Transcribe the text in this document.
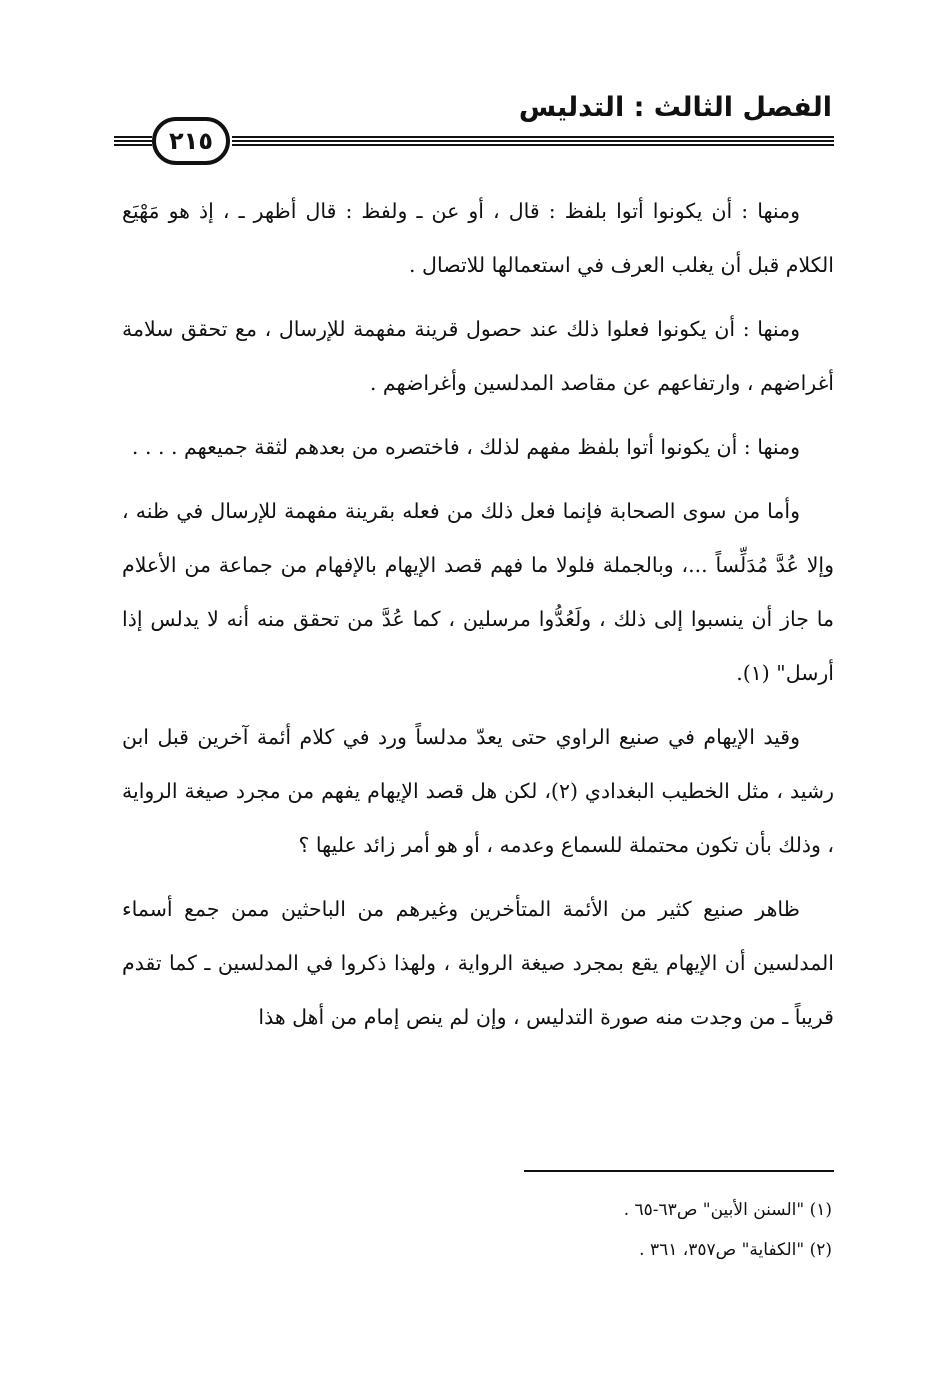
الفصل الثالث : التدليس
٢١٥

ومنها : أن يكونوا أتوا بلفظ : قال ، أو عن ـ ولفظ : قال أظهر ـ ، إذ هو مَهْيَع الكلام قبل أن يغلب العرف في استعمالها للاتصال .

ومنها : أن يكونوا فعلوا ذلك عند حصول قرينة مفهمة للإرسال ، مع تحقق سلامة أغراضهم ، وارتفاعهم عن مقاصد المدلسين وأغراضهم .

ومنها : أن يكونوا أتوا بلفظ مفهم لذلك ، فاختصره من بعدهم لثقة جميعهم . . . .

وأما من سوى الصحابة فإنما فعل ذلك من فعله بقرينة مفهمة للإرسال في ظنه ، وإلا عُدَّ مُدَلِّساً ...، وبالجملة فلولا ما فهم قصد الإيهام بالإفهام من جماعة من الأعلام ما جاز أن ينسبوا إلى ذلك ، ولَعُدُّوا مرسلين ، كما عُدَّ من تحقق منه أنه لا يدلس إذا أرسل" (١).

وقيد الإيهام في صنيع الراوي حتى يعدّ مدلساً ورد في كلام أئمة آخرين قبل ابن رشيد ، مثل الخطيب البغدادي (٢)، لكن هل قصد الإيهام يفهم من مجرد صيغة الرواية ، وذلك بأن تكون محتملة للسماع وعدمه ، أو هو أمر زائد عليها ؟

ظاهر صنيع كثير من الأئمة المتأخرين وغيرهم من الباحثين ممن جمع أسماء المدلسين أن الإيهام يقع بمجرد صيغة الرواية ، ولهذا ذكروا في المدلسين ـ كما تقدم قريباً ـ من وجدت منه صورة التدليس ، وإن لم ينص إمام من أهل هذا

(١) "السنن الأبين" ص٦٣-٦٥ .
(٢) "الكفاية" ص٣٥٧، ٣٦١ .
